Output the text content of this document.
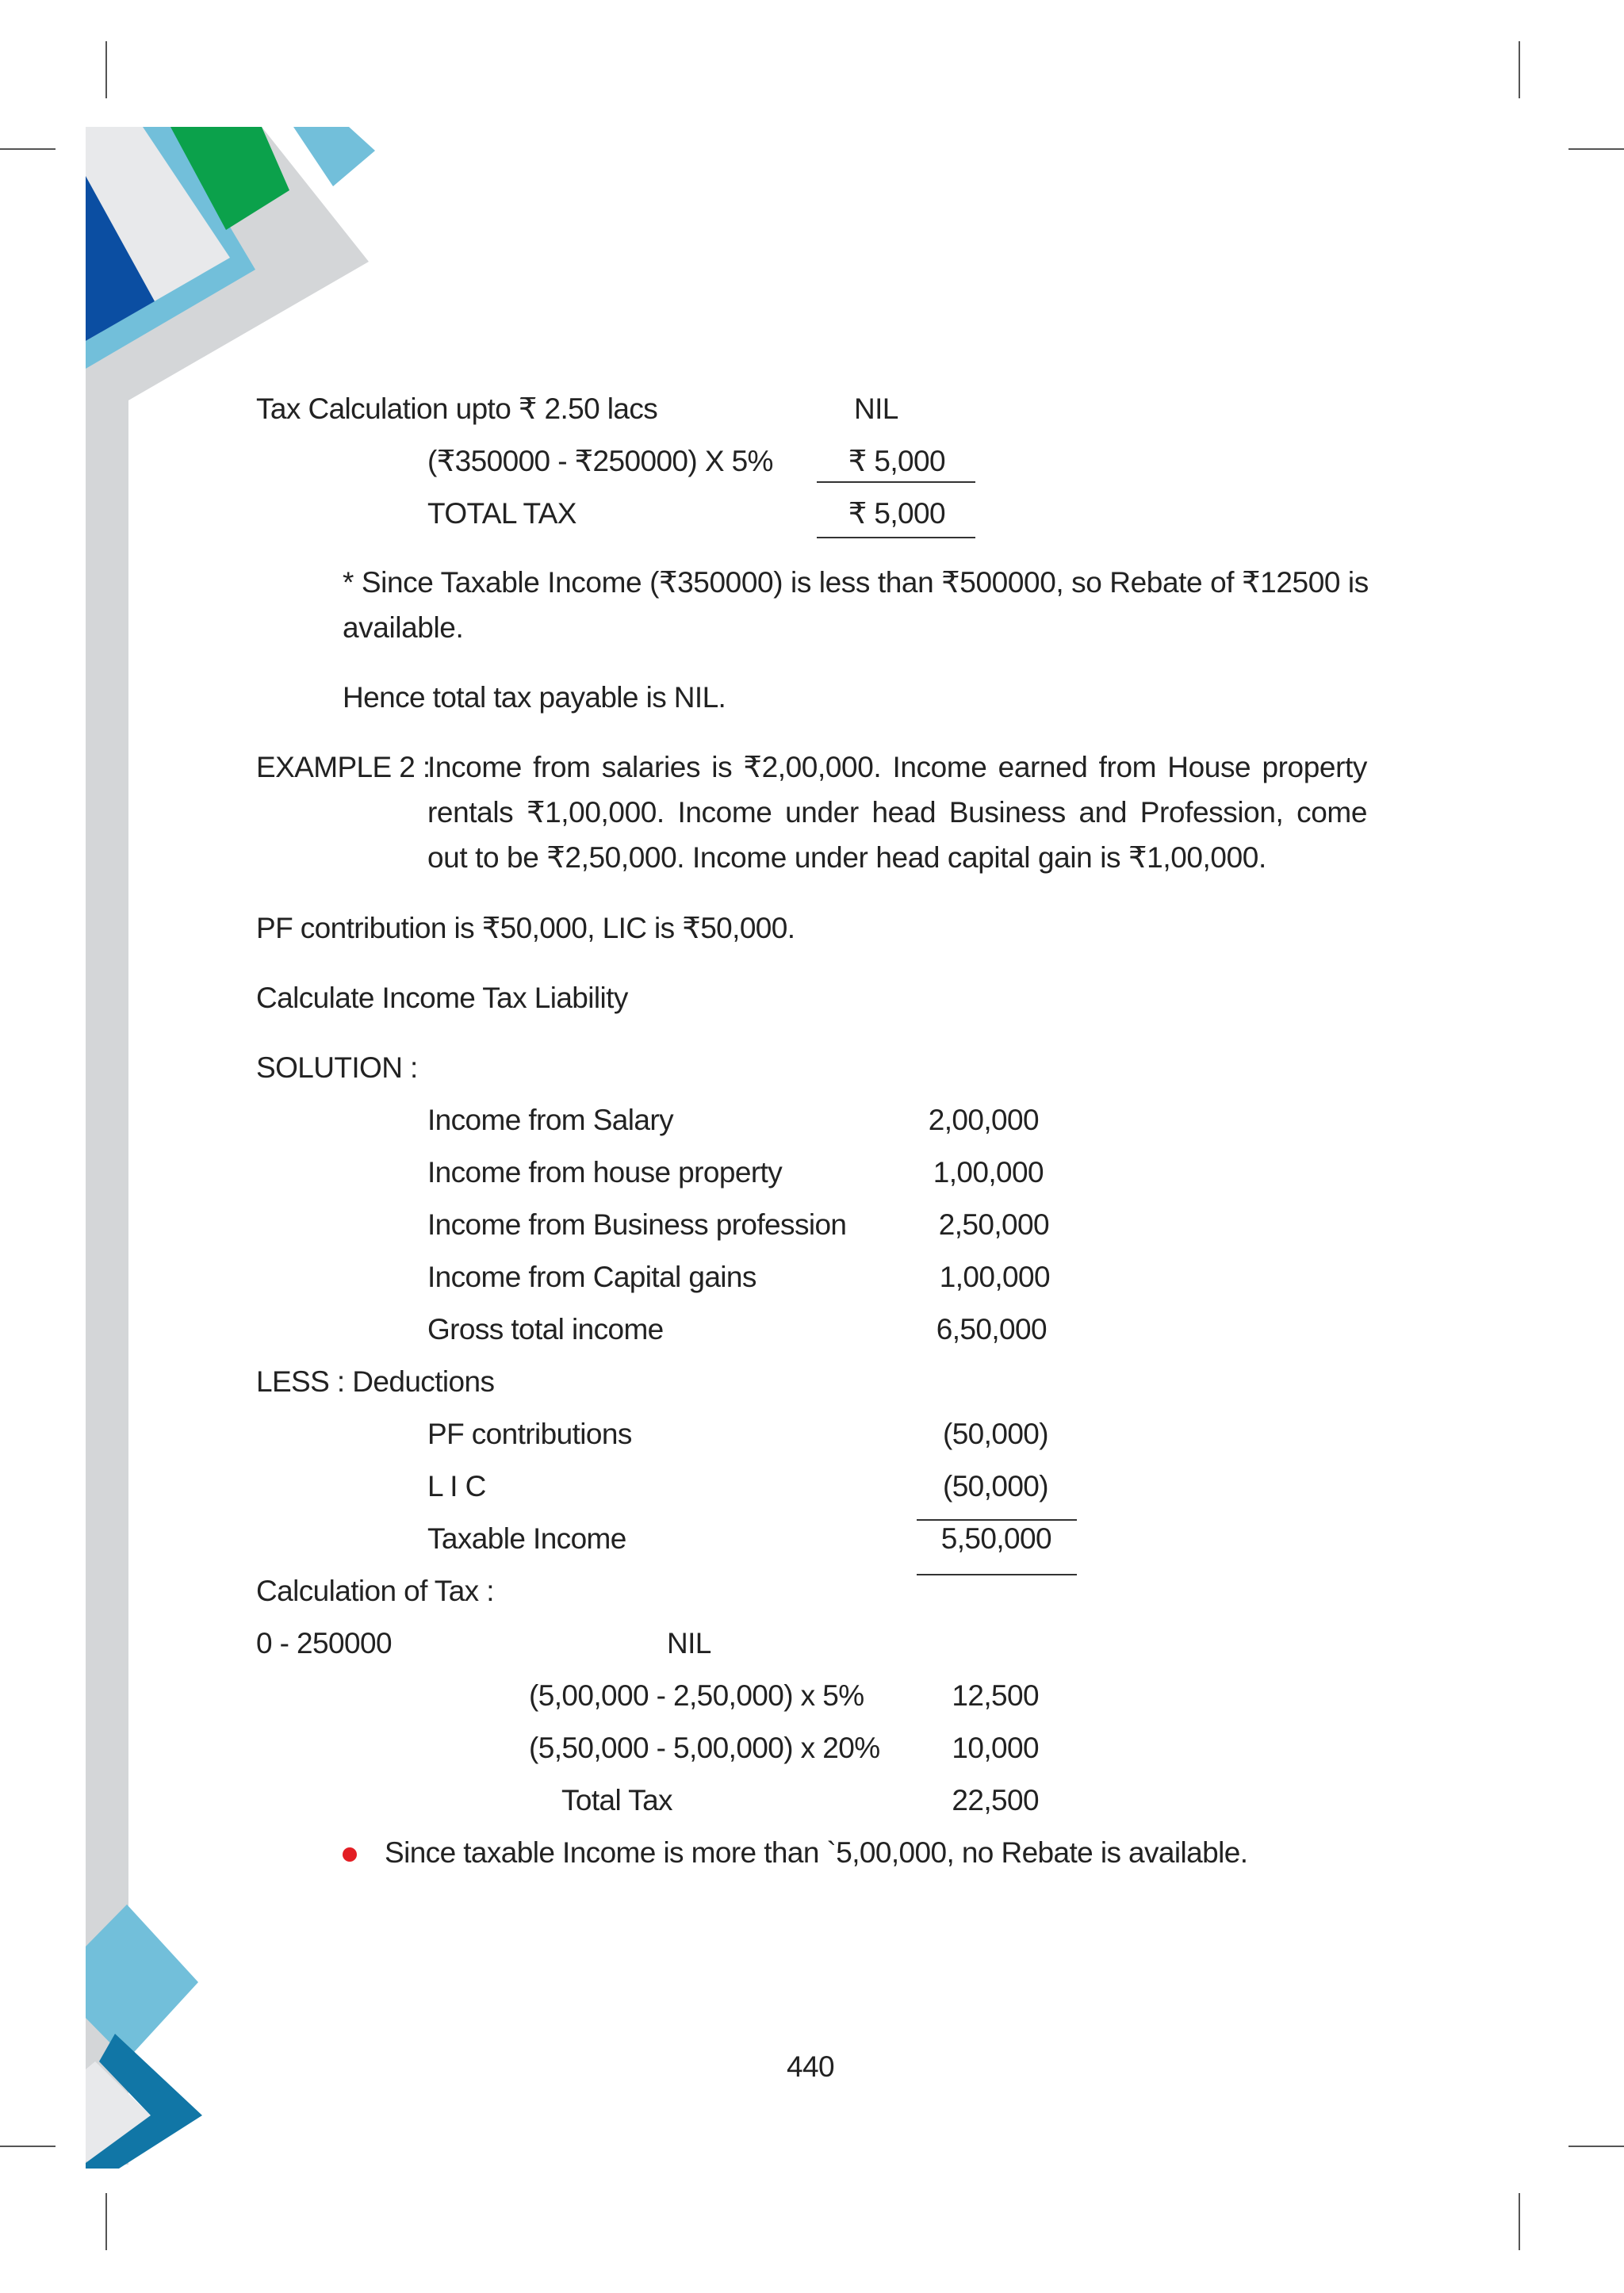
Tax Calculation upto ₹ 2.50 lacs	NIL
(₹350000 - ₹250000) X 5%	₹ 5,000
TOTAL TAX	₹ 5,000
* Since Taxable Income (₹350000) is less than ₹500000, so Rebate of ₹12500 is
available.
Hence total tax payable is NIL.
EXAMPLE 2 :
Income from salaries is ₹2,00,000. Income earned from House property
rentals ₹1,00,000. Income under head Business and Profession, come
out to be ₹2,50,000. Income under head capital gain is ₹1,00,000.
PF contribution is ₹50,000, LIC is ₹50,000.
Calculate Income Tax Liability
SOLUTION :
Income from Salary	2,00,000
Income from house property	1,00,000
Income from Business profession	2,50,000
Income from Capital gains	1,00,000
Gross total income	6,50,000
LESS : Deductions
PF contributions	(50,000)
L I C	(50,000)
Taxable Income	5,50,000
Calculation of Tax :
0 - 250000	NIL
(5,00,000 - 2,50,000) x 5%	12,500
(5,50,000 - 5,00,000) x 20%	10,000
Total Tax	22,500
Since taxable Income is more than `5,00,000, no Rebate is available.
440
